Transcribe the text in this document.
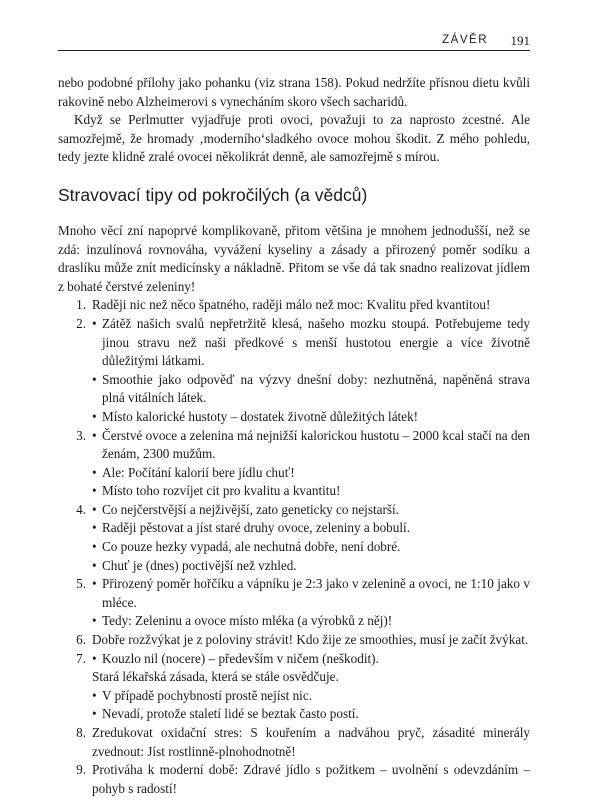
ZÁVĚR 191

nebo podobné přílohy jako pohanku (viz strana 158). Pokud nedržíte přísnou dietu kvůli rakovině nebo Alzheimerovi s vynecháním skoro všech sacharidů.

Když se Perlmutter vyjadřuje proti ovoci, považuji to za naprosto zcestné. Ale samozřejmě, že hromady ‚moderního‘sladkého ovoce mohou škodit. Z mého pohledu, tedy jezte klidně zralé ovocei několikrát denně, ale samozřejmě s mírou.

Stravovací tipy od pokročilých (a vědců)

Mnoho věcí zní napoprvé komplikovaně, přitom většina je mnohem jednodušší, než se zdá: inzulínová rovnováha, vyvážení kyseliny a zásady a přirozený poměr sodíku a draslíku může znít medicínsky a nákladně. Přitom se vše dá tak snadno realizovat jídlem z bohaté čerstvé zeleniny!

1. Raději nic než něco špatného, raději málo než moc: Kvalitu před kvantitou!
2.	• Zátěž našich svalů nepřetržitě klesá, našeho mozku stoupá. Potřebujeme tedy jinou stravu než naši předkové s menší hustotou energie a více životně důležitými látkami.
• Smoothie jako odpověď na výzvy dnešní doby: nezhutněná, napěněná strava plná vitálních látek.
• Místo kalorické hustoty – dostatek životně důležitých látek!
3.	• Čerstvé ovoce a zelenina má nejnižší kalorickou hustotu – 2000 kcal stačí na den ženám, 2300 mužům.
• Ale: Počítání kalorií bere jídlu chuť!
• Místo toho rozvíjet cit pro kvalitu a kvantitu!
4.	• Co nejčerstvější a nejživější, zato geneticky co nejstarší.
• Raději pěstovat a jíst staré druhy ovoce, zeleniny a bobulí.
• Co pouze hezky vypadá, ale nechutná dobře, není dobré.
• Chuť je (dnes) poctivější než vzhled.
5.	• Přirozený poměr hořčíku a vápníku je 2:3 jako v zelenině a ovoci, ne 1:10 jako v mléce.
• Tedy: Zeleninu a ovoce místo mléka (a výrobků z něj)!
6. Dobře rozžvýkat je z poloviny strávit! Kdo žije ze smoothies, musí je začít žvýkat.
7.	• Kouzlo nil (nocere) – především v ničem (neškodit).
Stará lékařská zásada, která se stále osvědčuje.
• V případě pochybností prostě nejíst nic.
• Nevadí, protože staletí lidé se beztak často postí.
8. Zredukovat oxidační stres: S kouřením a nadváhou pryč, zásadité minerály zvednout: Jíst rostlinně-plnohodnotně!
9. Protiváha k moderní době: Zdravé jídlo s požitkem – uvolnění s odevzdáním – pohyb s radostí!
